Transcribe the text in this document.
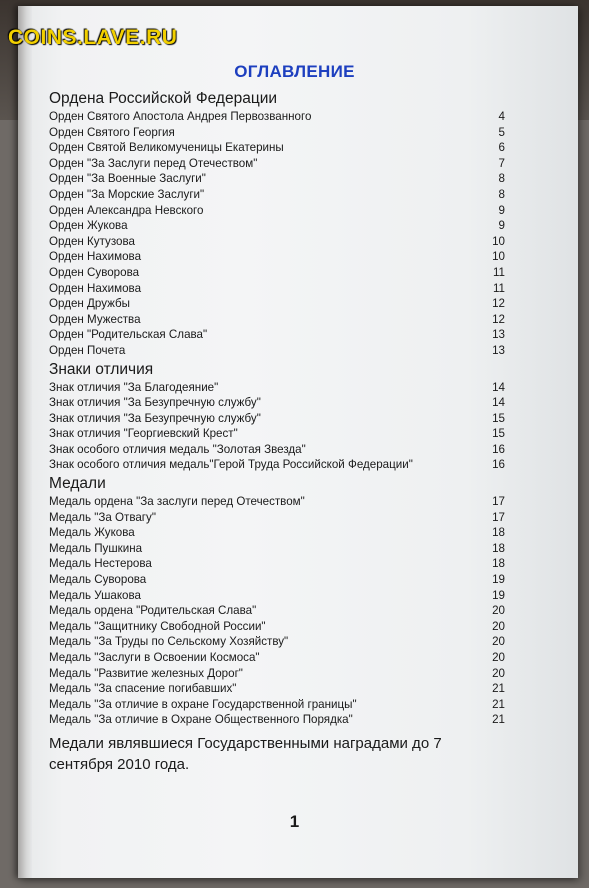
COINS.LAVE.RU
ОГЛАВЛЕНИЕ
Ордена Российской Федерации
Орден Святого Апостола Андрея Первозванного	4
Орден Святого Георгия	5
Орден Святой Великомученицы Екатерины	6
Орден "За Заслуги перед Отечеством"	7
Орден "За Военные Заслуги"	8
Орден "За Морские Заслуги"	8
Орден Александра Невского	9
Орден Жукова	9
Орден Кутузова	10
Орден Нахимова	10
Орден Суворова	11
Орден Нахимова	11
Орден Дружбы	12
Орден Мужества	12
Орден "Родительская Слава"	13
Орден Почета	13
Знаки отличия
Знак отличия "За Благодеяние"	14
Знак отличия "За Безупречную службу"	14
Знак отличия "За Безупречную службу"	15
Знак отличия "Георгиевский Крест"	15
Знак особого отличия медаль "Золотая Звезда"	16
Знак особого отличия медаль"Герой Труда Российской Федерации"	16
Медали
Медаль ордена "За заслуги перед Отечеством"	17
Медаль "За Отвагу"	17
Медаль Жукова	18
Медаль Пушкина	18
Медаль Нестерова	18
Медаль Суворова	19
Медаль Ушакова	19
Медаль ордена "Родительская Слава"	20
Медаль "Защитнику Свободной России"	20
Медаль "За Труды по Сельскому Хозяйству"	20
Медаль "Заслуги в Освоении Космоса"	20
Медаль "Развитие железных Дорог"	20
Медаль "За спасение погибавших"	21
Медаль "За отличие в охране Государственной границы"	21
Медаль "За отличие в Охране Общественного Порядка"	21
Медали являвшиеся Государственными наградами до 7 сентября 2010 года.
1
